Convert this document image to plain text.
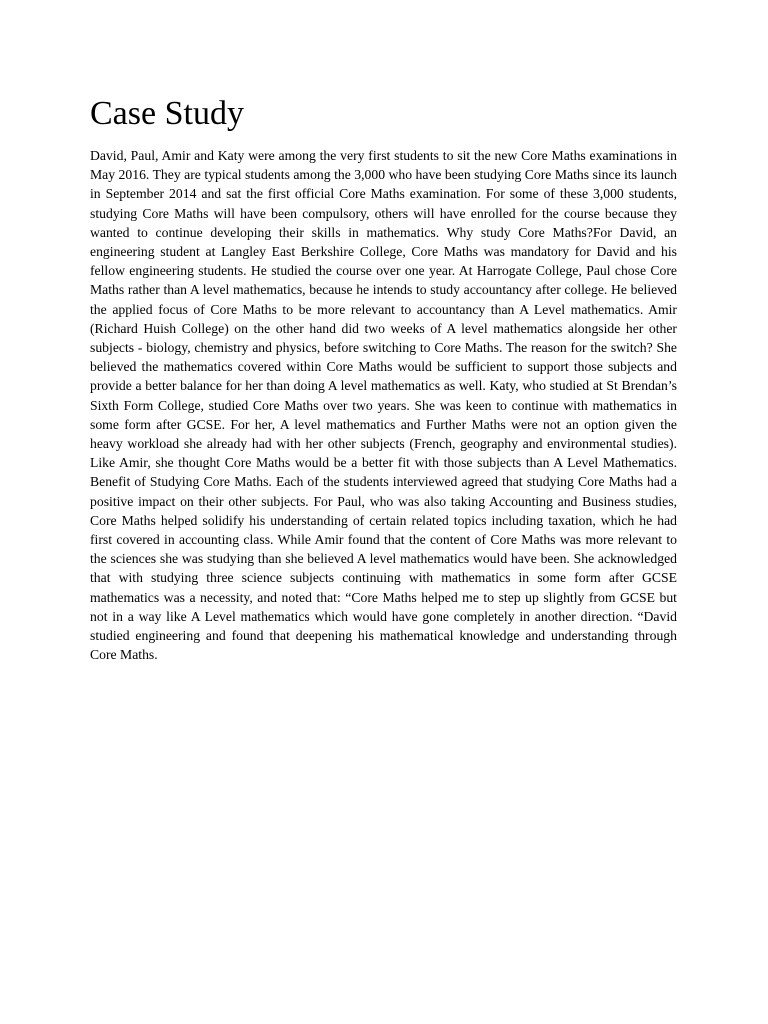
Case Study

David, Paul, Amir and Katy were among the very first students to sit the new Core Maths examinations in May 2016. They are typical students among the 3,000 who have been studying Core Maths since its launch in September 2014 and sat the first official Core Maths examination. For some of these 3,000 students, studying Core Maths will have been compulsory, others will have enrolled for the course because they wanted to continue developing their skills in mathematics. Why study Core Maths?For David, an engineering student at Langley East Berkshire College, Core Maths was mandatory for David and his fellow engineering students. He studied the course over one year. At Harrogate College, Paul chose Core Maths rather than A level mathematics, because he intends to study accountancy after college. He believed the applied focus of Core Maths to be more relevant to accountancy than A Level mathematics. Amir (Richard Huish College) on the other hand did two weeks of A level mathematics alongside her other subjects - biology, chemistry and physics, before switching to Core Maths. The reason for the switch? She believed the mathematics covered within Core Maths would be sufficient to support those subjects and provide a better balance for her than doing A level mathematics as well. Katy, who studied at St Brendan’s Sixth Form College, studied Core Maths over two years. She was keen to continue with mathematics in some form after GCSE. For her, A level mathematics and Further Maths were not an option given the heavy workload she already had with her other subjects (French, geography and environmental studies). Like Amir, she thought Core Maths would be a better fit with those subjects than A Level Mathematics. Benefit of Studying Core Maths. Each of the students interviewed agreed that studying Core Maths had a positive impact on their other subjects. For Paul, who was also taking Accounting and Business studies, Core Maths helped solidify his understanding of certain related topics including taxation, which he had first covered in accounting class. While Amir found that the content of Core Maths was more relevant to the sciences she was studying than she believed A level mathematics would have been. She acknowledged that with studying three science subjects continuing with mathematics in some form after GCSE mathematics was a necessity, and noted that: “Core Maths helped me to step up slightly from GCSE but not in a way like A Level mathematics which would have gone completely in another direction. “David studied engineering and found that deepening his mathematical knowledge and understanding through Core Maths.
